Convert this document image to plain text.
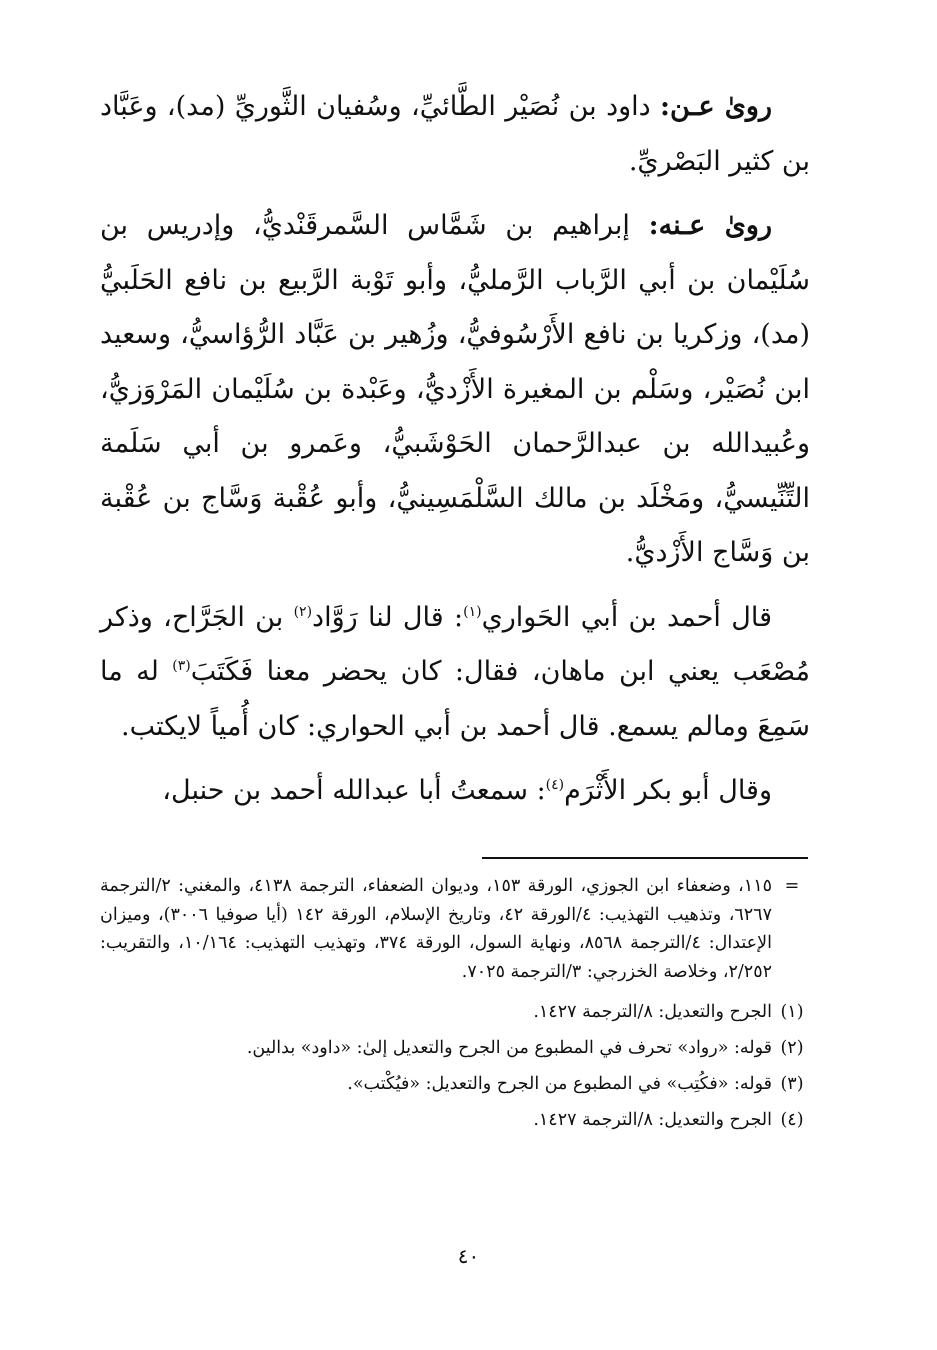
روىٰ عـن: داود بن نُصَيْر الطَّائيِّ، وسُفيان الثَّوريِّ (مد)، وعَبَّاد بن كثير البَصْريِّ.

روىٰ عـنه: إبراهيم بن شَمَّاس السَّمرقَنْديُّ، وإدريس بن سُلَيْمان بن أبي الرَّباب الرَّمليُّ، وأبو تَوْبة الرَّبيع بن نافع الحَلَبيُّ (مد)، وزكريا بن نافع الأَرْسُوفيُّ، وزُهير بن عَبَّاد الرُّؤاسيُّ، وسعيد ابن نُصَيْر، وسَلْم بن المغيرة الأَزْديُّ، وعَبْدة بن سُلَيْمان المَرْوَزيُّ، وعُبيدالله بن عبدالرَّحمان الحَوْشَبيُّ، وعَمرو بن أبي سَلَمة التِّنِّيسيُّ، ومَخْلَد بن مالك السَّلْمَسِينيُّ، وأبو عُقْبة وَسَّاج بن عُقْبة بن وَسَّاج الأَزْديُّ.

قال أحمد بن أبي الحَواري$^{(١)}$: قال لنا رَوَّاد$^{(٢)}$ بن الجَرَّاح، وذكر مُصْعَب يعني ابن ماهان، فقال: كان يحضر معنا فَكَتَبَ$^{(٣)}$ له ما سَمِعَ ومالم يسمع. قال أحمد بن أبي الحواري: كان أُمياً لايكتب.

وقال أبو بكر الأَثْرَم$^{(٤)}$: سمعتُ أبا عبدالله أحمد بن حنبل،

=
١١٥، وضعفاء ابن الجوزي، الورقة ١٥٣، وديوان الضعفاء، الترجمة ٤١٣٨، والمغني: ٢/الترجمة ٦٢٦٧، وتذهيب التهذيب: ٤/الورقة ٤٢، وتاريخ الإسلام، الورقة ١٤٢ (أيا صوفيا ٣٠٠٦)، وميزان الإعتدال: ٤/الترجمة ٨٥٦٨، ونهاية السول، الورقة ٣٧٤، وتهذيب التهذيب: ١٠/١٦٤، والتقريب: ٢/٢٥٢، وخلاصة الخزرجي: ٣/الترجمة ٧٠٢٥.
(١)
الجرح والتعديل: ٨/الترجمة ١٤٢٧.
(٢)
قوله: «رواد» تحرف في المطبوع من الجرح والتعديل إلىٰ: «داود» بدالين.
(٣)
قوله: «فكُتِب» في المطبوع من الجرح والتعديل: «فيُكْتب».
(٤)
الجرح والتعديل: ٨/الترجمة ١٤٢٧.
٤٠
